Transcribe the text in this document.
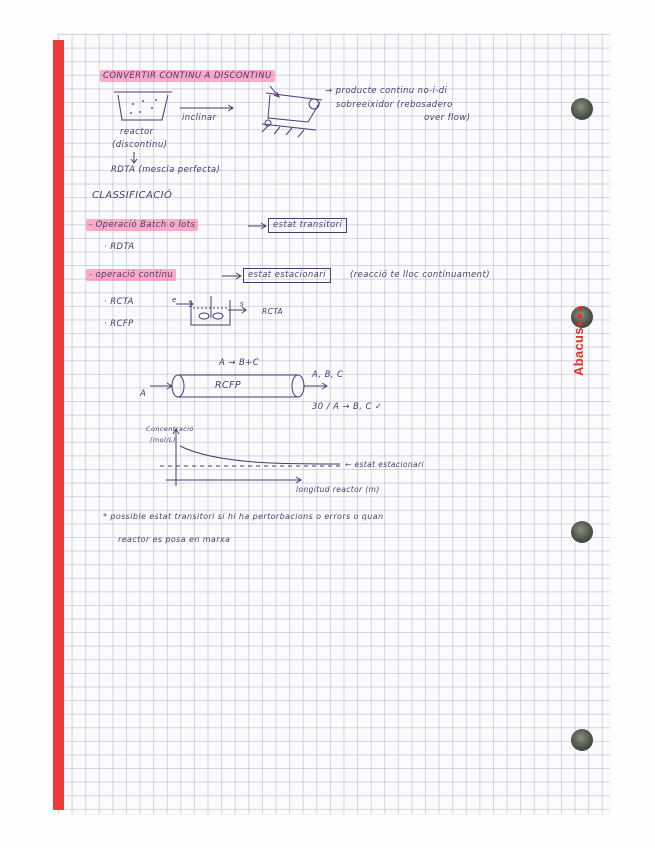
Abacus●●●
CONVERTIR CONTINU A DISCONTINU
reactor
(discontinu)
inclinar
RDTA (mescla perfecta)
→ producte continu no-i-di
sobreeixidor (rebosadero
over flow)
CLASSIFICACIÓ
- Operació Batch o lots	estat transitori
· RDTA
- operació continu	estat estacionari	(reacció te lloc contínuament)
· RCTA
· RCFP
e	s
RCTA
A → B+C
RCFP
A
A, B, C
30 / A → B, C ✓
Concentració
(mol/L)
longitud reactor (m)
← estat estacionari
* possible estat transitori si hi ha pertorbacions o errors o quan
reactor es posa en marxa
